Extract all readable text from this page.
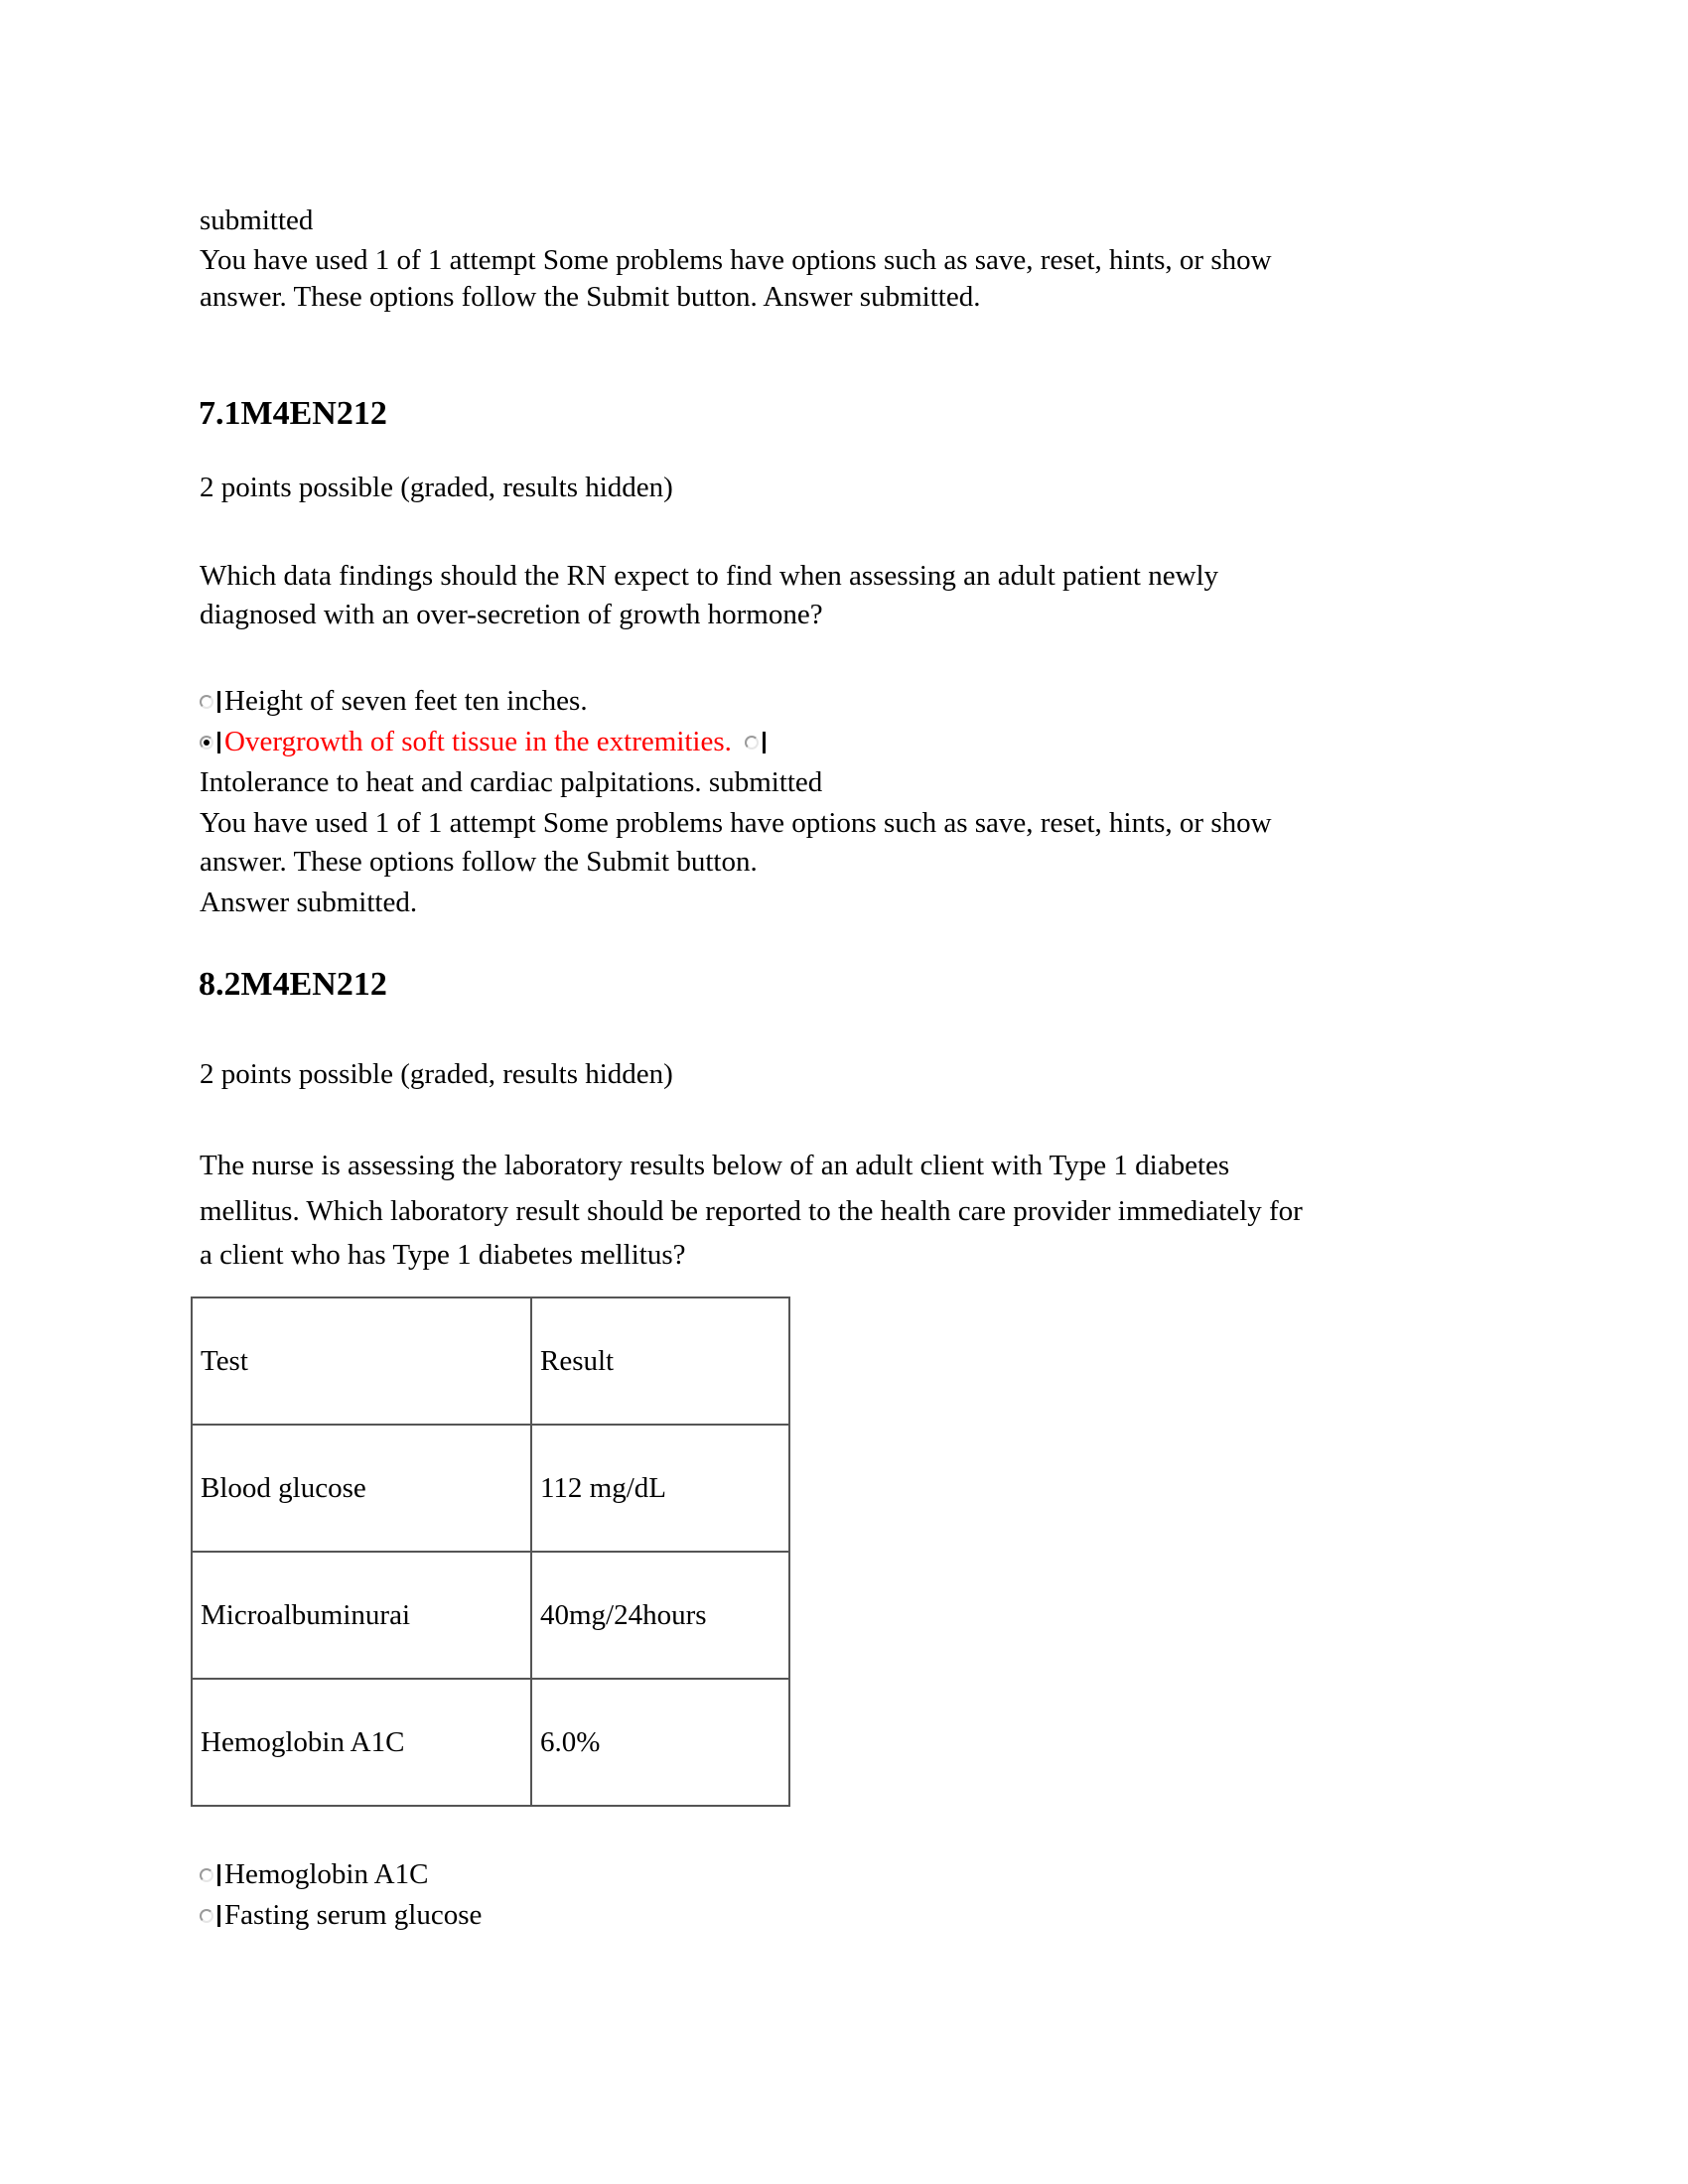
submitted
You have used 1 of 1 attempt Some problems have options such as save, reset, hints, or show
answer. These options follow the Submit button. Answer submitted.
7.1M4EN212
2 points possible (graded, results hidden)
Which data findings should the RN expect to find when assessing an adult patient newly
diagnosed with an over-secretion of growth hormone?
Height of seven feet ten inches.
Overgrowth of soft tissue in the extremities.
Intolerance to heat and cardiac palpitations. submitted
You have used 1 of 1 attempt Some problems have options such as save, reset, hints, or show
answer. These options follow the Submit button.
Answer submitted.
8.2M4EN212
2 points possible (graded, results hidden)
The nurse is assessing the laboratory results below of an adult client with Type 1 diabetes
mellitus. Which laboratory result should be reported to the health care provider immediately for
a client who has Type 1 diabetes mellitus?
Test	Result
Blood glucose	112 mg/dL
Microalbuminurai	40mg/24hours
Hemoglobin A1C	6.0%
Hemoglobin A1C
Fasting serum glucose
